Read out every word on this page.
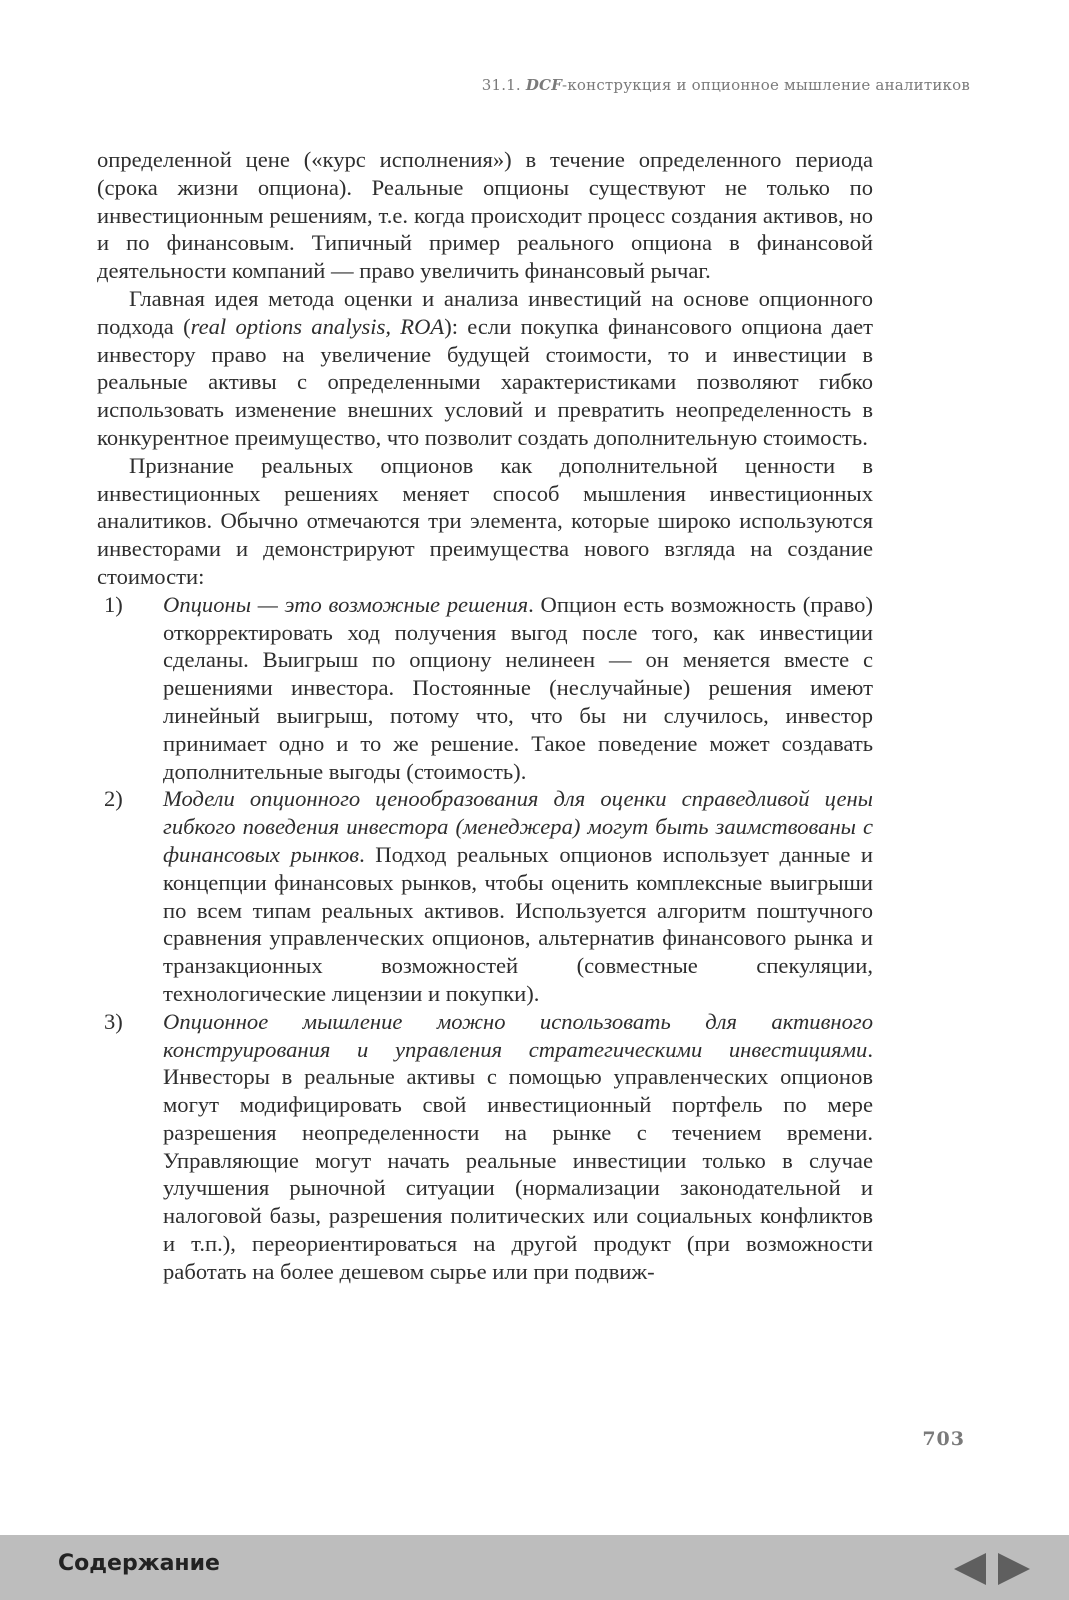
31.1. DCF-конструкция и опционное мышление аналитиков

определенной цене («курс исполнения») в течение определенного периода (срока жизни опциона). Реальные опционы существуют не только по инвестиционным решениям, т.е. когда происходит процесс создания активов, но и по финансовым. Типичный пример реального опциона в финансовой деятельности компаний — право увеличить финансовый рычаг.

Главная идея метода оценки и анализа инвестиций на основе опционного подхода (real options analysis, ROA): если покупка финансового опциона дает инвестору право на увеличение будущей стоимости, то и инвестиции в реальные активы с определенными характеристиками позволяют гибко использовать изменение внешних условий и превратить неопределенность в конкурентное преимущество, что позволит создать дополнительную стоимость.

Признание реальных опционов как дополнительной ценности в инвестиционных решениях меняет способ мышления инвестиционных аналитиков. Обычно отмечаются три элемента, которые широко используются инвесторами и демонстрируют преимущества нового взгляда на создание стоимости:

1) Опционы — это возможные решения. Опцион есть возможность (право) откорректировать ход получения выгод после того, как инвестиции сделаны. Выигрыш по опциону нелинеен — он меняется вместе с решениями инвестора. Постоянные (неслучайные) решения имеют линейный выигрыш, потому что, что бы ни случилось, инвестор принимает одно и то же решение. Такое поведение может создавать дополнительные выгоды (стоимость).
2) Модели опционного ценообразования для оценки справедливой цены гибкого поведения инвестора (менеджера) могут быть заимствованы с финансовых рынков. Подход реальных опционов использует данные и концепции финансовых рынков, чтобы оценить комплексные выигрыши по всем типам реальных активов. Используется алгоритм поштучного сравнения управленческих опционов, альтернатив финансового рынка и транзакционных возможностей (совместные спекуляции, технологические лицензии и покупки).
3) Опционное мышление можно использовать для активного конструирования и управления стратегическими инвестициями. Инвесторы в реальные активы с помощью управленческих опционов могут модифицировать свой инвестиционный портфель по мере разрешения неопределенности на рынке с течением времени. Управляющие могут начать реальные инвестиции только в случае улучшения рыночной ситуации (нормализации законодательной и налоговой базы, разрешения политических или социальных конфликтов и т.п.), переориентироваться на другой продукт (при возможности работать на более дешевом сырье или при подвиж-
703
Содержание
